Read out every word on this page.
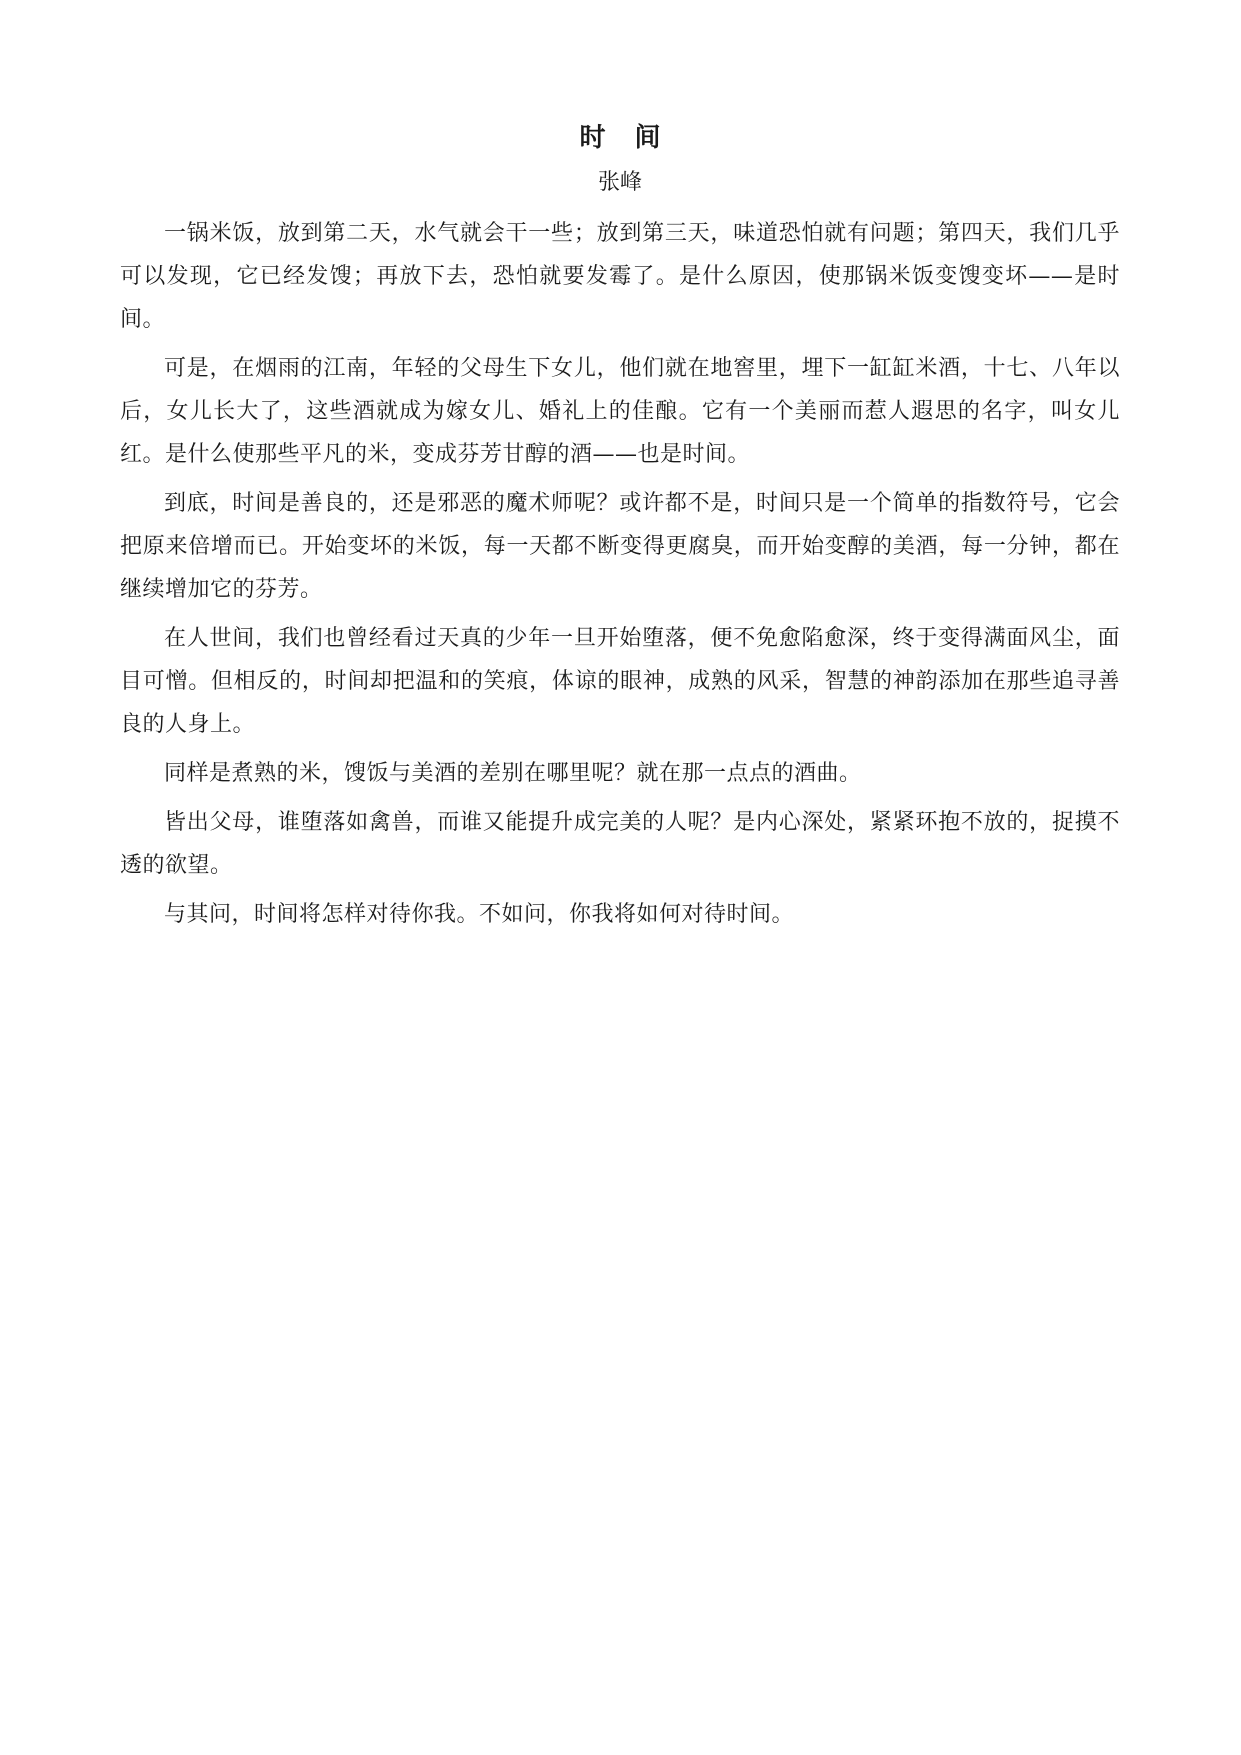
时 间
张峰

一锅米饭，放到第二天，水气就会干一些；放到第三天，味道恐怕就有问题；第四天，我们几乎可以发现，它已经发馊；再放下去，恐怕就要发霉了。是什么原因，使那锅米饭变馊变坏——是时间。

可是，在烟雨的江南，年轻的父母生下女儿，他们就在地窖里，埋下一缸缸米酒，十七、八年以后，女儿长大了，这些酒就成为嫁女儿、婚礼上的佳酿。它有一个美丽而惹人遐思的名字，叫女儿红。是什么使那些平凡的米，变成芬芳甘醇的酒——也是时间。

到底，时间是善良的，还是邪恶的魔术师呢？或许都不是，时间只是一个简单的指数符号，它会把原来倍增而已。开始变坏的米饭，每一天都不断变得更腐臭，而开始变醇的美酒，每一分钟，都在继续增加它的芬芳。

在人世间，我们也曾经看过天真的少年一旦开始堕落，便不免愈陷愈深，终于变得满面风尘，面目可憎。但相反的，时间却把温和的笑痕，体谅的眼神，成熟的风采，智慧的神韵添加在那些追寻善良的人身上。

同样是煮熟的米，馊饭与美酒的差别在哪里呢？就在那一点点的酒曲。

皆出父母，谁堕落如禽兽，而谁又能提升成完美的人呢？是内心深处，紧紧环抱不放的，捉摸不透的欲望。

与其问，时间将怎样对待你我。不如问，你我将如何对待时间。
